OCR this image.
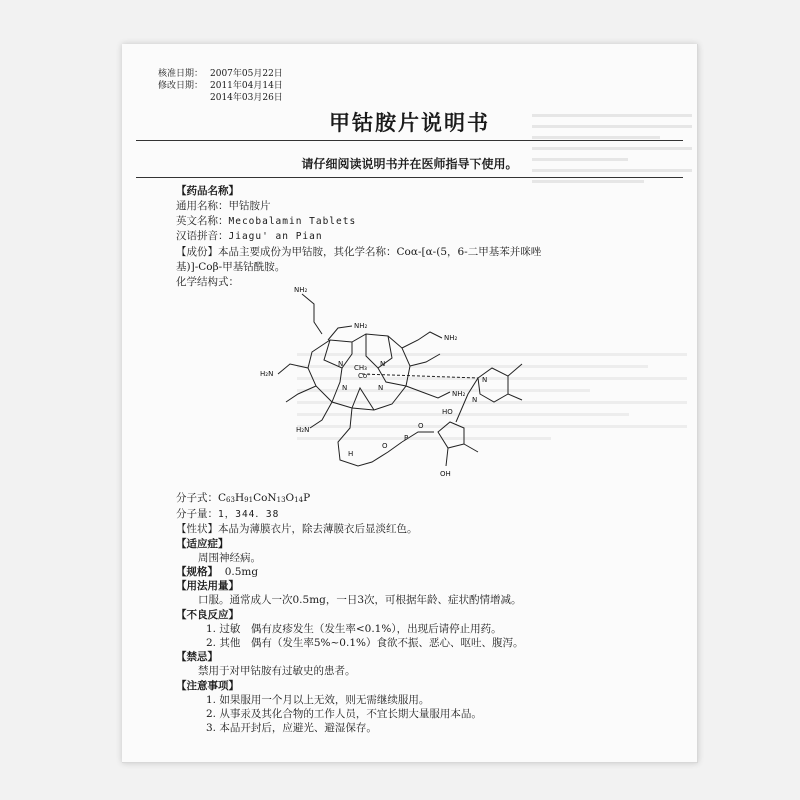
核准日期： 2007年05月22日
修改日期： 2011年04月14日
2014年03月26日
甲钴胺片说明书
请仔细阅读说明书并在医师指导下使用。
【药品名称】
通用名称：甲钴胺片
英文名称：Mecobalamin Tablets
汉语拼音：Jiagu' an Pian
【成份】本品主要成份为甲钴胺，其化学名称：Coα-[α-(5，6-二甲基苯并咪唑
基)]-Coβ-甲基钴酰胺。
化学结构式：
NH₂
NH₂
NH₂
H₂N
H₂N
NH₂
CH₃
Co⁺
N	N
N	N
N
N
O
P
O
HO
OH
H
分子式：C63H91CoN13O14P
分子量：1，344．38
【性状】本品为薄膜衣片，除去薄膜衣后显淡红色。
【适应症】
周围神经病。
【规格】 0.5mg
【用法用量】
口服。通常成人一次0.5mg，一日3次，可根据年龄、症状酌情增减。
【不良反应】
1. 过敏　偶有皮疹发生（发生率<0.1%），出现后请停止用药。
2. 其他　偶有（发生率5%~0.1%）食欲不振、恶心、呕吐、腹泻。
【禁忌】
禁用于对甲钴胺有过敏史的患者。
【注意事项】
1. 如果服用一个月以上无效，则无需继续服用。
2. 从事汞及其化合物的工作人员，不宜长期大量服用本品。
3. 本品开封后，应避光、避湿保存。
